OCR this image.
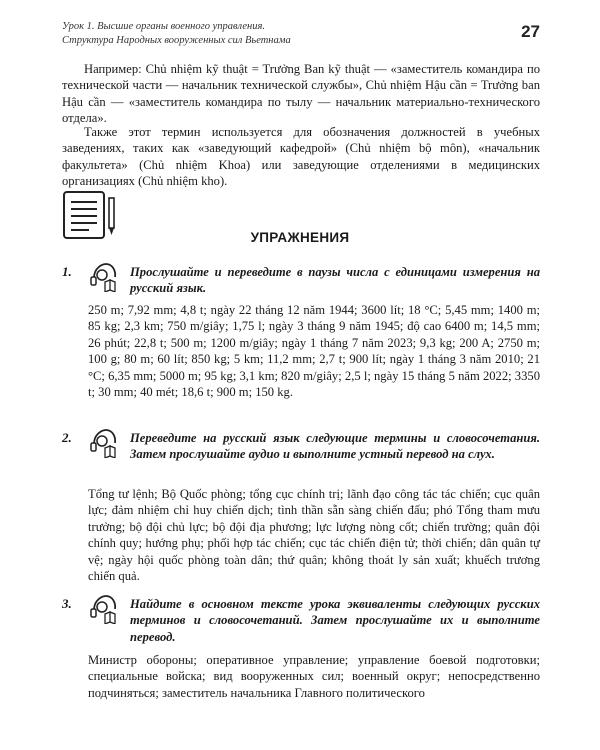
Урок 1. Высшие органы военного управления.
Структура Народных вооруженных сил Вьетнама	27

Например: Chủ nhiệm kỹ thuật = Trưởng Ban kỹ thuật — «заместитель командира по технической части — начальник технической службы», Chủ nhiệm Hậu cần = Trưởng ban Hậu cần — «заместитель командира по тылу — начальник материально-технического отдела».

Также этот термин используется для обозначения должностей в учебных заведениях, таких как «заведующий кафедрой» (Chủ nhiệm bộ môn), «начальник факультета» (Chủ nhiệm Khoa) или заведующие отделениями в медицинских организациях (Chủ nhiệm kho).

УПРАЖНЕНИЯ
1.	Прослушайте и переведите в паузы числа с единицами измерения на русский язык.

250 m; 7,92 mm; 4,8 t; ngày 22 tháng 12 năm 1944; 3600 lít; 18 °C; 5,45 mm; 1400 m; 85 kg; 2,3 km; 750 m/giây; 1,75 l; ngày 3 tháng 9 năm 1945; độ cao 6400 m; 14,5 mm; 26 phút; 22,8 t; 500 m; 1200 m/giây; ngày 1 tháng 7 năm 2023; 9,3 kg; 200 A; 2750 m; 100 g; 80 m; 60 lít; 850 kg; 5 km; 11,2 mm; 2,7 t; 900 lít; ngày 1 tháng 3 năm 2010; 21 °C; 6,35 mm; 5000 m; 95 kg; 3,1 km; 820 m/giây; 2,5 l; ngày 15 tháng 5 năm 2022; 3350 t; 30 mm; 40 mét; 18,6 t; 900 m; 150 kg.

2.	Переведите на русский язык следующие термины и словосочетания. Затем прослушайте аудио и выполните устный перевод на слух.

Tổng tư lệnh; Bộ Quốc phòng; tổng cục chính trị; lãnh đạo công tác tác chiến; cục quân lực; đảm nhiệm chỉ huy chiến dịch; tình thần sẵn sàng chiến đấu; phó Tổng tham mưu trưởng; bộ đội chủ lực; bộ đội địa phương; lực lượng nòng cốt; chiến trường; quân đội chính quy; hướng phụ; phối hợp tác chiến; cục tác chiến điện tử; thời chiến; dân quân tự vệ; ngày hội quốc phòng toàn dân; thứ quân; không thoát ly sản xuất; khuếch trương chiến quả.

3.	Найдите в основном тексте урока эквиваленты следующих русских терминов и словосочетаний. Затем прослушайте их и выполните перевод.

Министр обороны; оперативное управление; управление боевой подготовки; специальные войска; вид вооруженных сил; военный округ; непосредственно подчиняться; заместитель начальника Главного политического
